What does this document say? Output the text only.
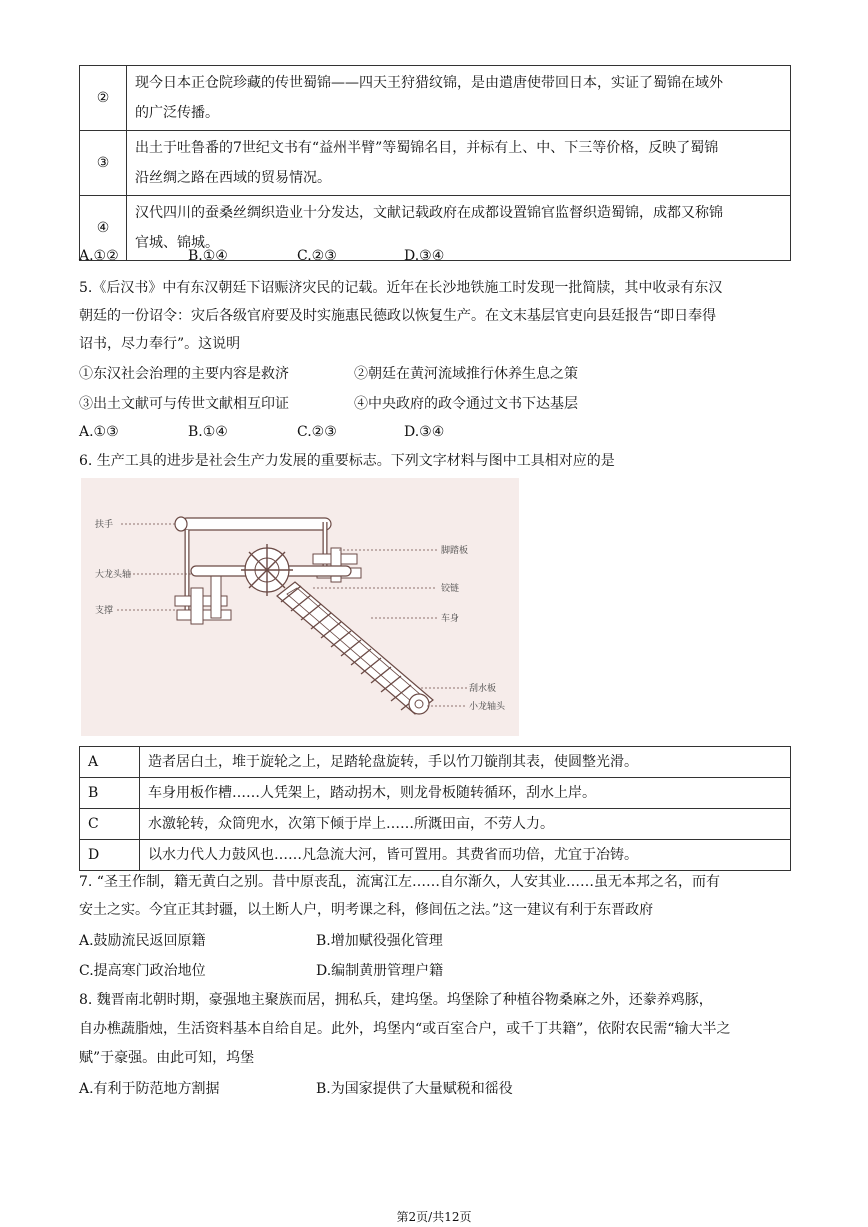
②	现今日本正仓院珍藏的传世蜀锦——四天王狩猎纹锦，是由遣唐使带回日本，实证了蜀锦在域外
的广泛传播。

③	出土于吐鲁番的7世纪文书有“益州半臂”等蜀锦名目，并标有上、中、下三等价格，反映了蜀锦
沿丝绸之路在西域的贸易情况。

④	汉代四川的蚕桑丝绸织造业十分发达，文献记载政府在成都设置锦官监督织造蜀锦，成都又称锦
官城、锦城。
A.①②	B.①④	C.②③	D.③④
5.《后汉书》中有东汉朝廷下诏赈济灾民的记载。近年在长沙地铁施工时发现一批简牍，其中收录有东汉
朝廷的一份诏令：灾后各级官府要及时实施惠民德政以恢复生产。在文末基层官吏向县廷报告“即日奉得
诏书，尽力奉行”。这说明
①东汉社会治理的主要内容是救济	②朝廷在黄河流域推行休养生息之策
③出土文献可与传世文献相互印证	④中央政府的政令通过文书下达基层
A.①③	B.①④	C.②③	D.③④
6. 生产工具的进步是社会生产力发展的重要标志。下列文字材料与图中工具相对应的是
扶手
大龙头轴
支撑
脚踏板
铰链
车身
刮水板
小龙轴头
A	造者居白土，堆于旋轮之上，足踏轮盘旋转，手以竹刀镟削其表，使圆整光滑。
B	车身用板作槽……人凭架上，踏动拐木，则龙骨板随转循环，刮水上岸。
C	水激轮转，众筒兜水，次第下倾于岸上……所溉田亩，不劳人力。
D	以水力代人力鼓风也……凡急流大河，皆可置用。其费省而功倍，尤宜于冶铸。
7. “圣王作制，籍无黄白之别。昔中原丧乱，流寓江左……自尔渐久，人安其业……虽无本邦之名，而有
安土之实。今宜正其封疆，以土断人户，明考课之科，修闾伍之法。”这一建议有利于东晋政府
A.鼓励流民返回原籍	B.增加赋役强化管理
C.提高寒门政治地位	D.编制黄册管理户籍
8. 魏晋南北朝时期，豪强地主聚族而居，拥私兵，建坞堡。坞堡除了种植谷物桑麻之外，还豢养鸡豚，
自办樵蔬脂烛，生活资料基本自给自足。此外，坞堡内“或百室合户，或千丁共籍”，依附农民需“输大半之
赋”于豪强。由此可知，坞堡
A.有利于防范地方割据	B.为国家提供了大量赋税和徭役
第2页/共12页
